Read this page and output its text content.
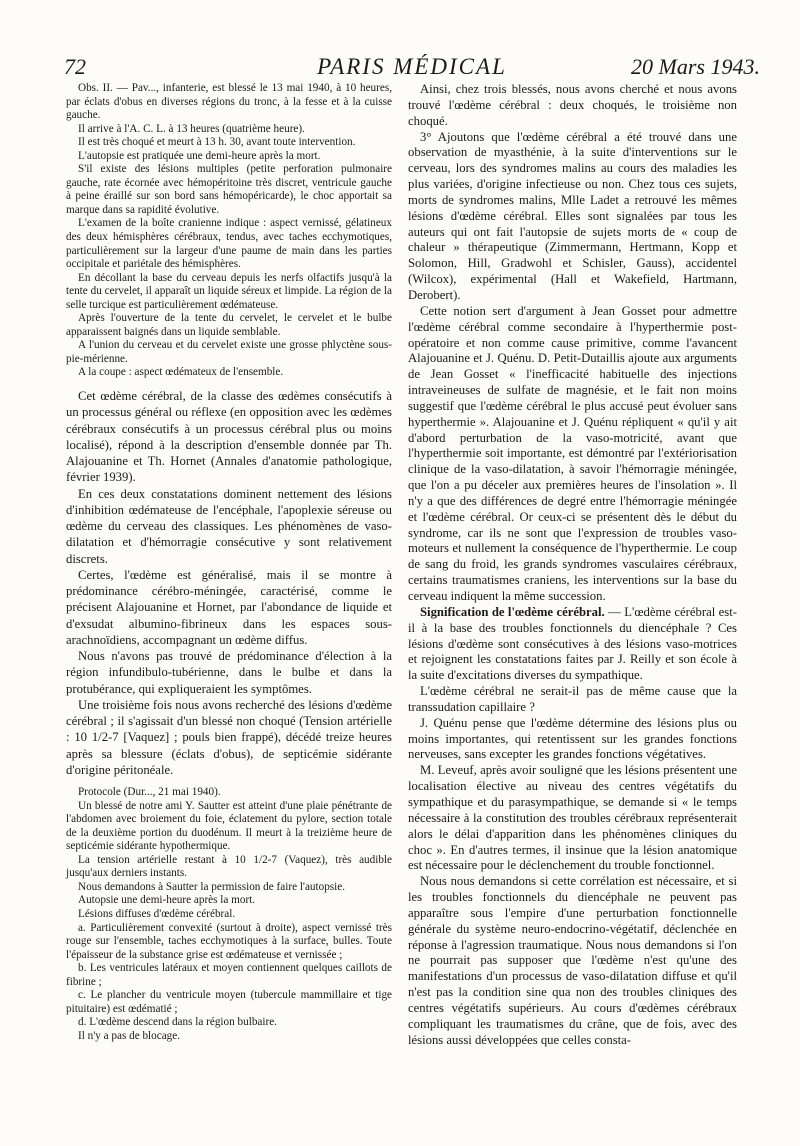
72	PARIS MÉDICAL	20 Mars 1943.

Obs. II. — Pav..., infanterie, est blessé le 13 mai 1940, à 10 heures, par éclats d'obus en diverses régions du tronc, à la fesse et à la cuisse gauche.

Il arrive à l'A. C. L. à 13 heures (quatrième heure).

Il est très choqué et meurt à 13 h. 30, avant toute intervention.

L'autopsie est pratiquée une demi-heure après la mort.

S'il existe des lésions multiples (petite perforation pulmonaire gauche, rate écornée avec hémopéritoine très discret, ventricule gauche à peine éraillé sur son bord sans hémopéricarde), le choc apportait sa marque dans sa rapidité évolutive.

L'examen de la boîte cranienne indique : aspect vernissé, gélatineux des deux hémisphères cérébraux, tendus, avec taches ecchymotiques, particulièrement sur la largeur d'une paume de main dans les parties occipitale et pariétale des hémisphères.

En décollant la base du cerveau depuis les nerfs olfactifs jusqu'à la tente du cervelet, il apparaît un liquide séreux et limpide. La région de la selle turcique est particulièrement œdémateuse.

Après l'ouverture de la tente du cervelet, le cervelet et le bulbe apparaissent baignés dans un liquide semblable.

A l'union du cerveau et du cervelet existe une grosse phlyctène sous-pie-mérienne.

A la coupe : aspect œdémateux de l'ensemble.

Cet œdème cérébral, de la classe des œdèmes consécutifs à un processus général ou réflexe (en opposition avec les œdèmes cérébraux consécutifs à un processus cérébral plus ou moins localisé), répond à la description d'ensemble donnée par Th. Alajouanine et Th. Hornet (Annales d'anatomie pathologique, février 1939).

En ces deux constatations dominent nettement des lésions d'inhibition œdémateuse de l'encéphale, l'apoplexie séreuse ou œdème du cerveau des classiques. Les phénomènes de vaso-dilatation et d'hémorragie consécutive y sont relativement discrets.

Certes, l'œdème est généralisé, mais il se montre à prédominance cérébro-méningée, caractérisé, comme le précisent Alajouanine et Hornet, par l'abondance de liquide et d'exsudat albumino-fibrineux dans les espaces sous-arachnoïdiens, accompagnant un œdème diffus.

Nous n'avons pas trouvé de prédominance d'élection à la région infundibulo-tubérienne, dans le bulbe et dans la protubérance, qui expliqueraient les symptômes.

Une troisième fois nous avons recherché des lésions d'œdème cérébral ; il s'agissait d'un blessé non choqué (Tension artérielle : 10 1/2-7 [Vaquez] ; pouls bien frappé), décédé treize heures après sa blessure (éclats d'obus), de septicémie sidérante d'origine péritonéale.

Protocole (Dur..., 21 mai 1940).

Un blessé de notre ami Y. Sautter est atteint d'une plaie pénétrante de l'abdomen avec broiement du foie, éclatement du pylore, section totale de la deuxième portion du duodénum. Il meurt à la treizième heure de septicémie sidérante hypothermique.

La tension artérielle restant à 10 1/2-7 (Vaquez), très audible jusqu'aux derniers instants.

Nous demandons à Sautter la permission de faire l'autopsie.

Autopsie une demi-heure après la mort.

Lésions diffuses d'œdème cérébral.

a. Particulièrement convexité (surtout à droite), aspect vernissé très rouge sur l'ensemble, taches ecchymotiques à la surface, bulles. Toute l'épaisseur de la substance grise est œdémateuse et vernissée ;

b. Les ventricules latéraux et moyen contiennent quelques caillots de fibrine ;

c. Le plancher du ventricule moyen (tubercule mammillaire et tige pituitaire) est œdématié ;

d. L'œdème descend dans la région bulbaire.

Il n'y a pas de blocage.

Ainsi, chez trois blessés, nous avons cherché et nous avons trouvé l'œdème cérébral : deux choqués, le troisième non choqué.

3° Ajoutons que l'œdème cérébral a été trouvé dans une observation de myasthénie, à la suite d'interventions sur le cerveau, lors des syndromes malins au cours des maladies les plus variées, d'origine infectieuse ou non. Chez tous ces sujets, morts de syndromes malins, Mlle Ladet a retrouvé les mêmes lésions d'œdème cérébral. Elles sont signalées par tous les auteurs qui ont fait l'autopsie de sujets morts de « coup de chaleur » thérapeutique (Zimmermann, Hertmann, Kopp et Solomon, Hill, Gradwohl et Schisler, Gauss), accidentel (Wilcox), expérimental (Hall et Wakefield, Hartmann, Derobert).

Cette notion sert d'argument à Jean Gosset pour admettre l'œdème cérébral comme secondaire à l'hyperthermie post-opératoire et non comme cause primitive, comme l'avancent Alajouanine et J. Quénu. D. Petit-Dutaillis ajoute aux arguments de Jean Gosset « l'inefficacité habituelle des injections intraveineuses de sulfate de magnésie, et le fait non moins suggestif que l'œdème cérébral le plus accusé peut évoluer sans hyperthermie ». Alajouanine et J. Quénu répliquent « qu'il y ait d'abord perturbation de la vaso-motricité, avant que l'hyperthermie soit importante, est démontré par l'extériorisation clinique de la vaso-dilatation, à savoir l'hémorragie méningée, que l'on a pu déceler aux premières heures de l'insolation ». Il n'y a que des différences de degré entre l'hémorragie méningée et l'œdème cérébral. Or ceux-ci se présentent dès le début du syndrome, car ils ne sont que l'expression de troubles vaso-moteurs et nullement la conséquence de l'hyperthermie. Le coup de sang du froid, les grands syndromes vasculaires cérébraux, certains traumatismes craniens, les interventions sur la base du cerveau indiquent la même succession.

Signification de l'œdème cérébral. — L'œdème cérébral est-il à la base des troubles fonctionnels du diencéphale ? Ces lésions d'œdème sont consécutives à des lésions vaso-motrices et rejoignent les constatations faites par J. Reilly et son école à la suite d'excitations diverses du sympathique.

L'œdème cérébral ne serait-il pas de même cause que la transsudation capillaire ?

J. Quénu pense que l'œdème détermine des lésions plus ou moins importantes, qui retentissent sur les grandes fonctions nerveuses, sans excepter les grandes fonctions végétatives.

M. Leveuf, après avoir souligné que les lésions présentent une localisation élective au niveau des centres végétatifs du sympathique et du parasympathique, se demande si « le temps nécessaire à la constitution des troubles cérébraux représenterait alors le délai d'apparition dans les phénomènes cliniques du choc ». En d'autres termes, il insinue que la lésion anatomique est nécessaire pour le déclenchement du trouble fonctionnel.

Nous nous demandons si cette corrélation est nécessaire, et si les troubles fonctionnels du diencéphale ne peuvent pas apparaître sous l'empire d'une perturbation fonctionnelle générale du système neuro-endocrino-végétatif, déclenchée en réponse à l'agression traumatique. Nous nous demandons si l'on ne pourrait pas supposer que l'œdème n'est qu'une des manifestations d'un processus de vaso-dilatation diffuse et qu'il n'est pas la condition sine qua non des troubles cliniques des centres végétatifs supérieurs. Au cours d'œdèmes cérébraux compliquant les traumatismes du crâne, que de fois, avec des lésions aussi développées que celles consta-
